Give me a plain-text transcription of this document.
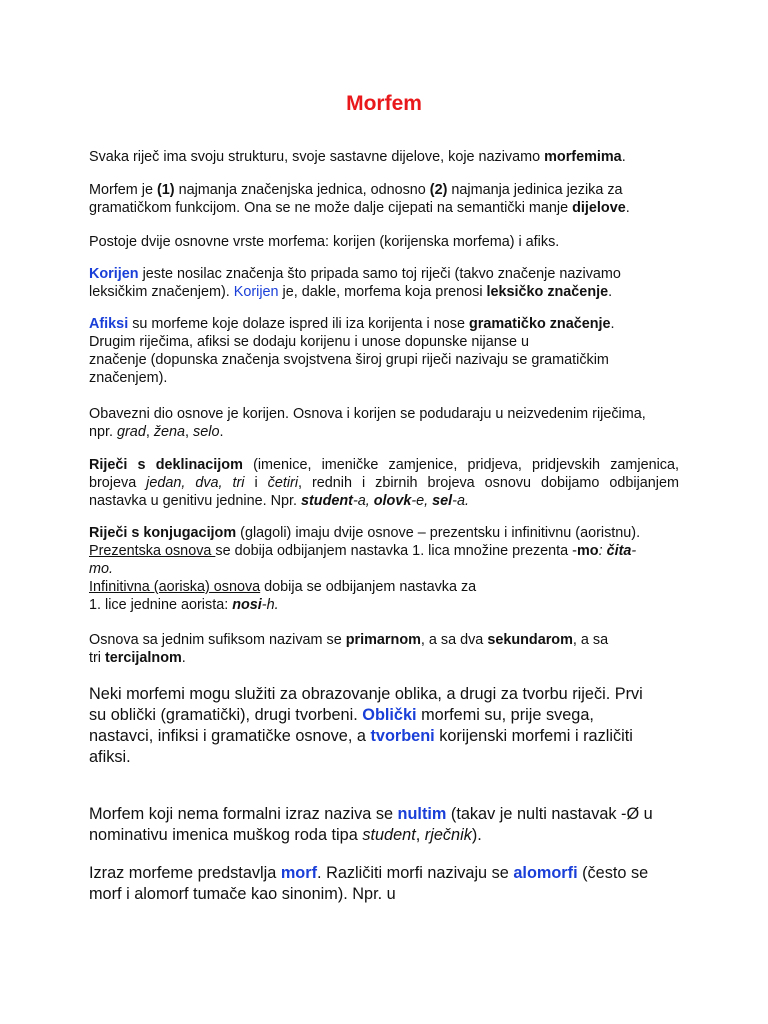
Morfem
Svaka riječ ima svoju strukturu, svoje sastavne dijelove, koje nazivamo morfemima.
Morfem je (1) najmanja značenjska jednica, odnosno (2) najmanja jedinica jezika za
gramatičkom funkcijom. Ona se ne može dalje cijepati na semantički manje dijelove.
Postoje dvije osnovne vrste morfema: korijen (korijenska morfema) i afiks.
Korijen jeste nosilac značenja što pripada samo toj riječi (takvo značenje nazivamo
leksičkim značenjem). Korijen je, dakle, morfema koja prenosi leksičko značenje.
Afiksi su morfeme koje dolaze ispred ili iza korijenta i nose gramatičko značenje.
Drugim riječima, afiksi se dodaju korijenu i unose dopunske nijanse u
značenje (dopunska značenja svojstvena široj grupi riječi nazivaju se gramatičkim
značenjem).
Obavezni dio osnove je korijen. Osnova i korijen se podudaraju u neizvedenim riječima,
npr. grad, žena, selo.
Riječi s deklinacijom (imenice, imeničke zamjenice, pridjeva, pridjevskih zamjenica,
brojeva jedan, dva, tri i četiri, rednih i zbirnih brojeva osnovu dobijamo odbijanjem
nastavka u genitivu jednine. Npr. student-a, olovk-e, sel-a.
Riječi s konjugacijom (glagoli) imaju dvije osnove – prezentsku i infinitivnu (aoristnu).
Prezentska osnova se dobija odbijanjem nastavka 1. lica množine prezenta -mo: čita-
mo.
Infinitivna (aoriska) osnova dobija se odbijanjem nastavka za
1. lice jednine aorista: nosi-h.
Osnova sa jednim sufiksom nazivam se primarnom, a sa dva sekundarom, a sa
tri tercijalnom.
Neki morfemi mogu služiti za obrazovanje oblika, a drugi za tvorbu riječi. Prvi
su oblički (gramatički), drugi tvorbeni. Oblički morfemi su, prije svega,
nastavci, infiksi i gramatičke osnove, a tvorbeni korijenski morfemi i različiti
afiksi.
Morfem koji nema formalni izraz naziva se nultim (takav je nulti nastavak -Ø u
nominativu imenica muškog roda tipa student, rječnik).
Izraz morfeme predstavlja morf. Različiti morfi nazivaju se alomorfi (često se
morf i alomorf tumače kao sinonim). Npr. u
